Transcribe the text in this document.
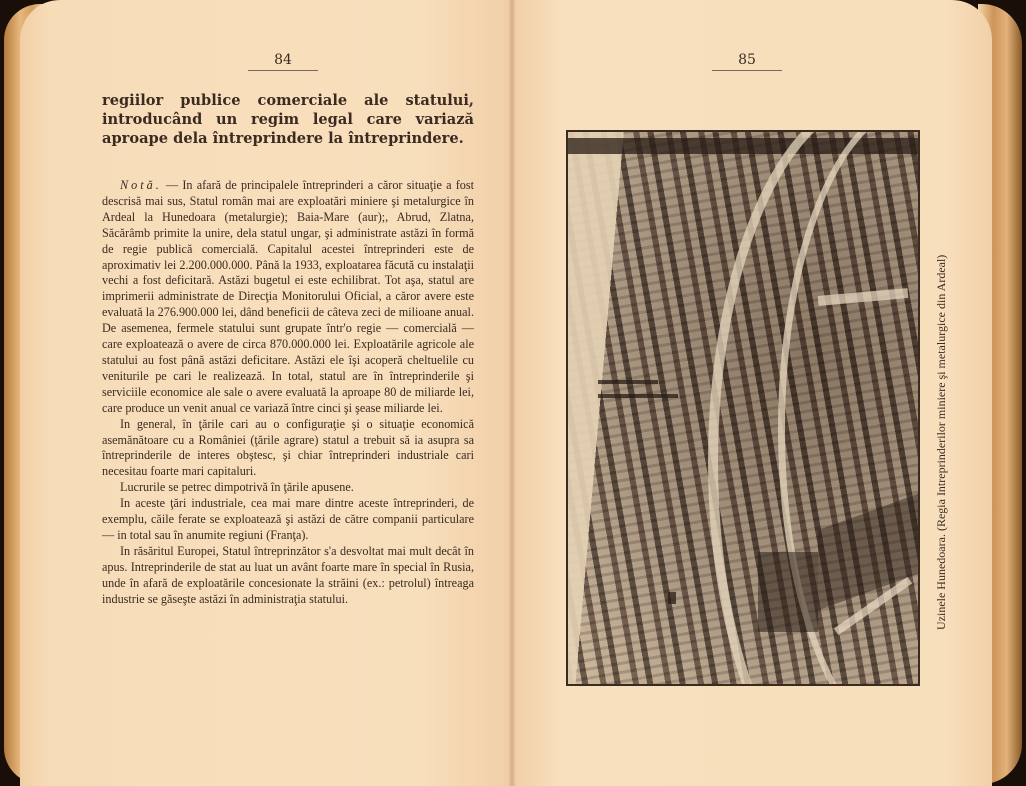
84
regiilor publice comerciale ale statului, introducând un regim legal care variază aproape dela întreprindere la întreprindere.

Notă. — In afară de principalele întreprinderi a căror situaţie a fost descrisă mai sus, Statul român mai are exploatări miniere şi metalurgice în Ardeal la Hunedoara (metalurgie); Baia-Mare (aur);, Abrud, Zlatna, Săcărâmb primite la unire, dela statul ungar, şi administrate astăzi în formă de regie publică comercială. Capitalul acestei întreprinderi este de aproximativ lei 2.200.000.000. Până la 1933, exploatarea făcută cu instalaţii vechi a fost deficitară. Astăzi bugetul ei este echilibrat. Tot aşa, statul are imprimerii administrate de Direcţia Monitorului Oficial, a căror avere este evaluată la 276.900.000 lei, dând beneficii de câteva zeci de milioane anual. De asemenea, fermele statului sunt grupate într'o regie — comercială — care exploatează o avere de circa 870.000.000 lei. Exploatările agricole ale statului au fost până astăzi deficitare. Astăzi ele îşi acoperă cheltuelile cu veniturile pe cari le realizează. In total, statul are în întreprinderile şi serviciile economice ale sale o avere evaluată la aproape 80 de miliarde lei, care produce un venit anual ce variază între cinci şi şease miliarde lei.

In general, în ţările cari au o configuraţie şi o situaţie economică asemănătoare cu a României (ţările agrare) statul a trebuit să ia asupra sa întreprinderile de interes obştesc, şi chiar întreprinderi industriale cari necesitau foarte mari capitaluri.

Lucrurile se petrec dimpotrivă în ţările apusene.

In aceste ţări industriale, cea mai mare dintre aceste întreprinderi, de exemplu, căile ferate se exploatează şi astăzi de către companii particulare — in total sau în anumite regiuni (Franţa).

In răsăritul Europei, Statul întreprinzător s'a desvoltat mai mult decât în apus. Intreprinderile de stat au luat un avânt foarte mare în special în Rusia, unde în afară de exploatările concesionate la străini (ex.: petrolul) întreaga industrie se găseşte astăzi în administraţia statului.

85
Uzinele Hunedoara. (Regia Intreprinderilor miniere şi metalurgice din Ardeal)
